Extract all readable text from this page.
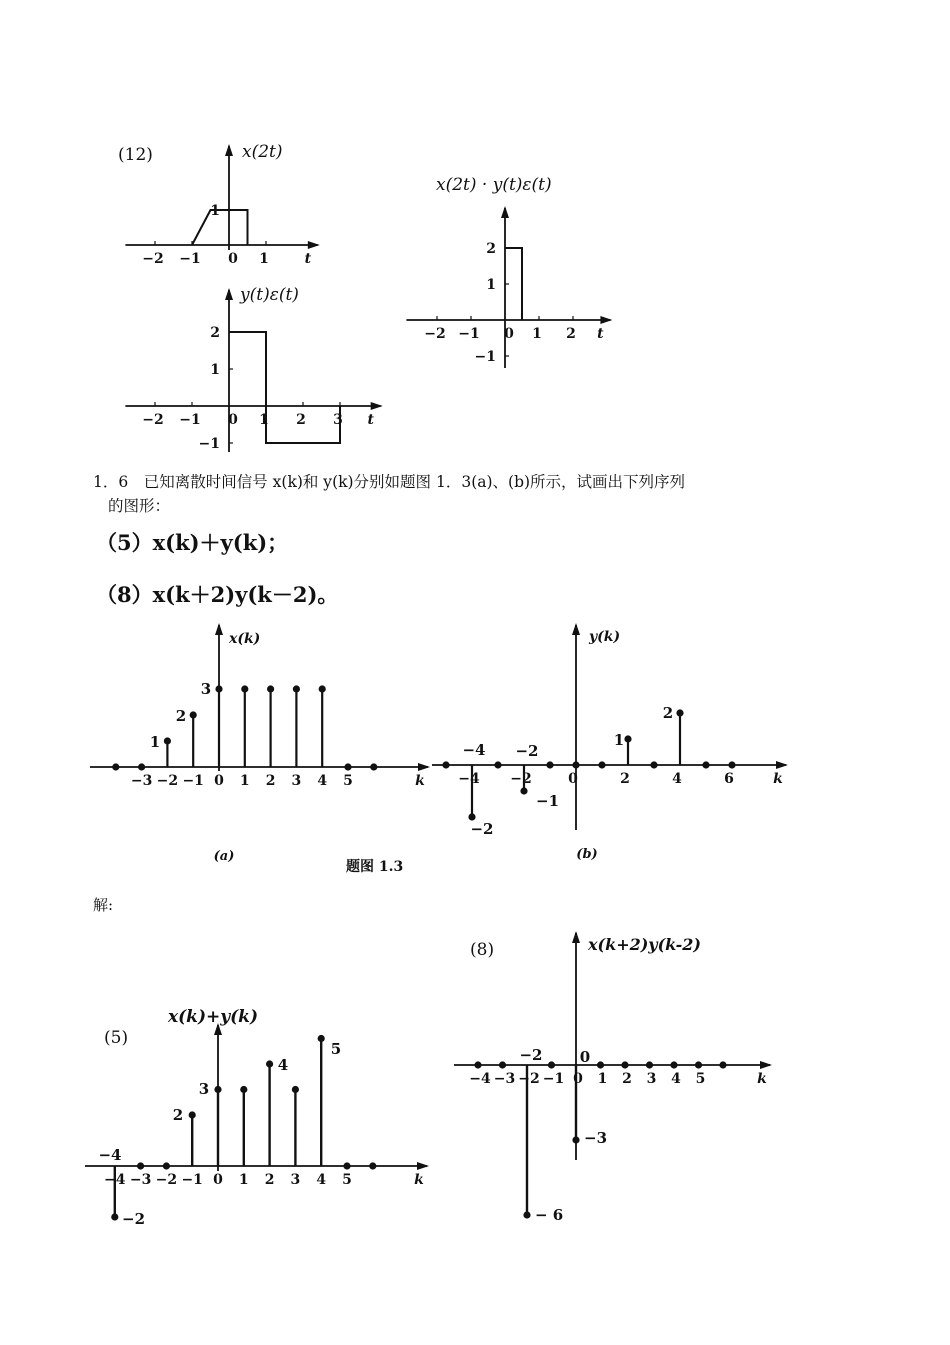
−2 −1 0 1
1
t
x(2t)
(12)
−2 −1 0 1 2 3
2
1
−1
t
y(t)ε(t)
−2 −1 0 1 2
2
1
−1
t
x(2t) · y(t)ε(t)
−3 −2 −1 0 1 2 3 4 5
1
2
3
k
x(k)
(a)
−4 −2	0	2	4	6
−4 −2
−2
−1
1
2
k
y(k)
(b)
−4 −3 −2 −1 0 1 2 3 4 5
−4
−2
2
3
4
5
k
x(k)+y(k)
(5)
−4 −3 −2 −1 0 1 2 3 4 5
−2 0
−3
− 6
k
x(k+2)y(k-2)
(8)
1．6　已知离散时间信号 x(k)和 y(k)分别如题图 1．3(a)、(b)所示，试画出下列序列
的图形：
（5）x(k)＋y(k)；
（8）x(k＋2)y(k－2)。
题图 1.3
解:
